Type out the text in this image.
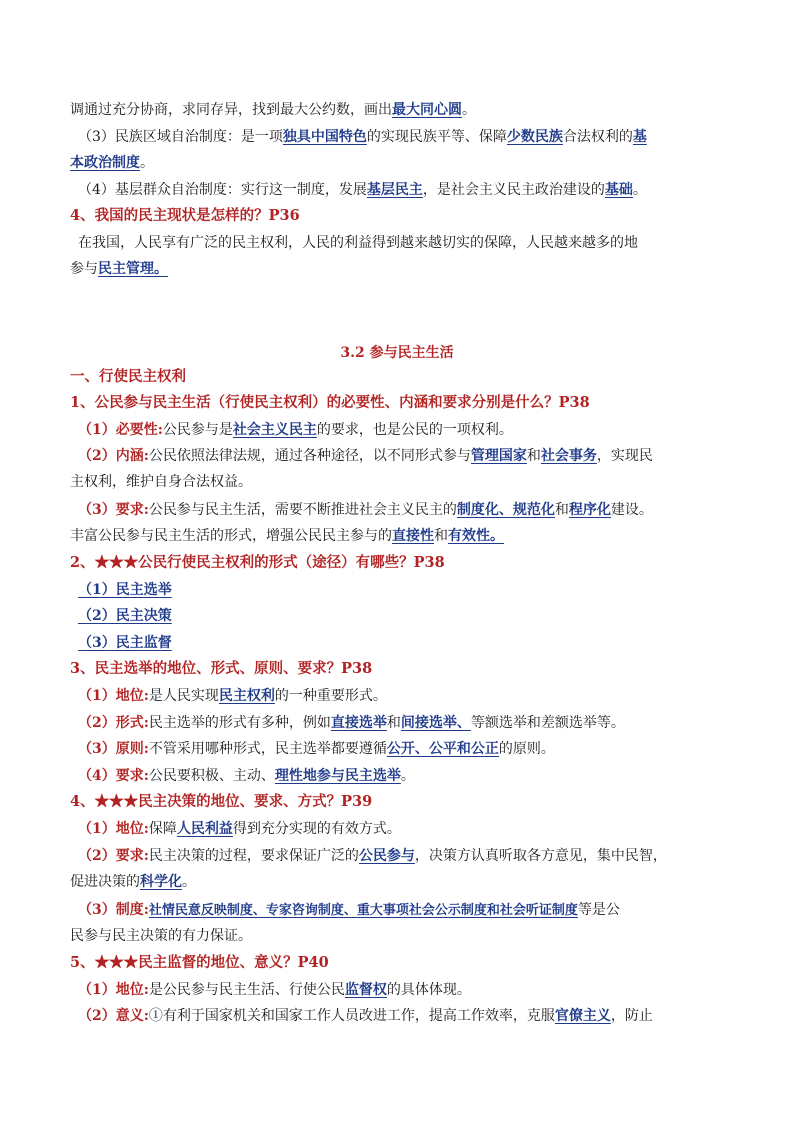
调通过充分协商，求同存异，找到最大公约数，画出最大同心圆。
（3）民族区域自治制度：是一项独具中国特色的实现民族平等、保障少数民族合法权利的基
本政治制度。
（4）基层群众自治制度：实行这一制度，发展基层民主，是社会主义民主政治建设的基础。
4、我国的民主现状是怎样的？P36
在我国，人民享有广泛的民主权利，人民的利益得到越来越切实的保障，人民越来越多的地
参与民主管理。
3.2 参与民主生活
一、行使民主权利
1、公民参与民主生活（行使民主权利）的必要性、内涵和要求分别是什么？P38
（1）必要性:公民参与是社会主义民主的要求，也是公民的一项权利。
（2）内涵:公民依照法律法规，通过各种途径，以不同形式参与管理国家和社会事务，实现民
主权利，维护自身合法权益。
（3）要求:公民参与民主生活，需要不断推进社会主义民主的制度化、规范化和程序化建设。
丰富公民参与民主生活的形式，增强公民民主参与的直接性和有效性。
2、★★★公民行使民主权利的形式（途径）有哪些？P38
（1）民主选举
（2）民主决策
（3）民主监督
3、民主选举的地位、形式、原则、要求？P38
（1）地位:是人民实现民主权利的一种重要形式。
（2）形式:民主选举的形式有多种，例如直接选举和间接选举、等额选举和差额选举等。
（3）原则:不管采用哪种形式，民主选举都要遵循公开、公平和公正的原则。
（4）要求:公民要积极、主动、理性地参与民主选举。
4、★★★民主决策的地位、要求、方式？P39
（1）地位:保障人民利益得到充分实现的有效方式。
（2）要求:民主决策的过程，要求保证广泛的公民参与，决策方认真听取各方意见，集中民智，
促进决策的科学化。
（3）制度:社情民意反映制度、专家咨询制度、重大事项社会公示制度和社会听证制度等是公
民参与民主决策的有力保证。
5、★★★民主监督的地位、意义？P40
（1）地位:是公民参与民主生活、行使公民监督权的具体体现。
（2）意义:①有利于国家机关和国家工作人员改进工作，提高工作效率，克服官僚主义，防止
